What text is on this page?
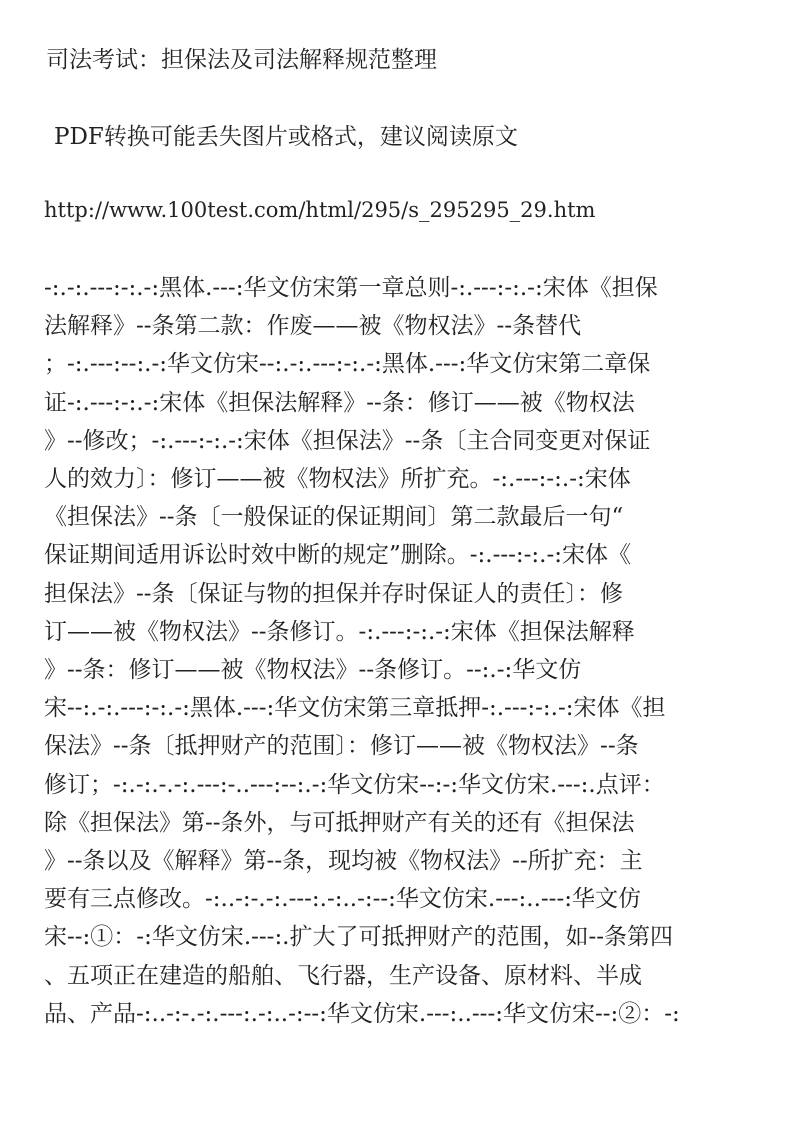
司法考试：担保法及司法解释规范整理

PDF转换可能丢失图片或格式，建议阅读原文

http://www.100test.com/html/295/s_295295_29.htm

-:.-:.---:-:.-:黑体.---:华文仿宋第一章总则-:.---:-:.-:宋体《担保
法解释》--条第二款：作废——被《物权法》--条替代
；-:.---:--:.-:华文仿宋--:.-:.---:-:.-:黑体.---:华文仿宋第二章保
证-:.---:-:.-:宋体《担保法解释》--条：修订——被《物权法
》--修改；-:.---:-:.-:宋体《担保法》--条〔主合同变更对保证
人的效力〕：修订——被《物权法》所扩充。-:.---:-:.-:宋体
《担保法》--条〔一般保证的保证期间〕第二款最后一句“
保证期间适用诉讼时效中断的规定”删除。-:.---:-:.-:宋体《
担保法》--条〔保证与物的担保并存时保证人的责任〕：修
订——被《物权法》--条修订。-:.---:-:.-:宋体《担保法解释
》--条：修订——被《物权法》--条修订。--:.-:华文仿
宋--:.-:.---:-:.-:黑体.---:华文仿宋第三章抵押-:.---:-:.-:宋体《担
保法》--条〔抵押财产的范围〕：修订——被《物权法》--条
修订；-:.-:.-.-:.---:-..---:--:.-:华文仿宋--:-:华文仿宋.---:.点评：
除《担保法》第--条外，与可抵押财产有关的还有《担保法
》--条以及《解释》第--条，现均被《物权法》--所扩充：主
要有三点修改。-:..-:-.-:.---:.-:..-:--:华文仿宋.---:..---:华文仿
宋--:①：-:华文仿宋.---:.扩大了可抵押财产的范围，如--条第四
、五项正在建造的船舶、飞行器，生产设备、原材料、半成
品、产品-:..-:-.-:.---:.-:..-:--:华文仿宋.---:..---:华文仿宋--:②：-:
